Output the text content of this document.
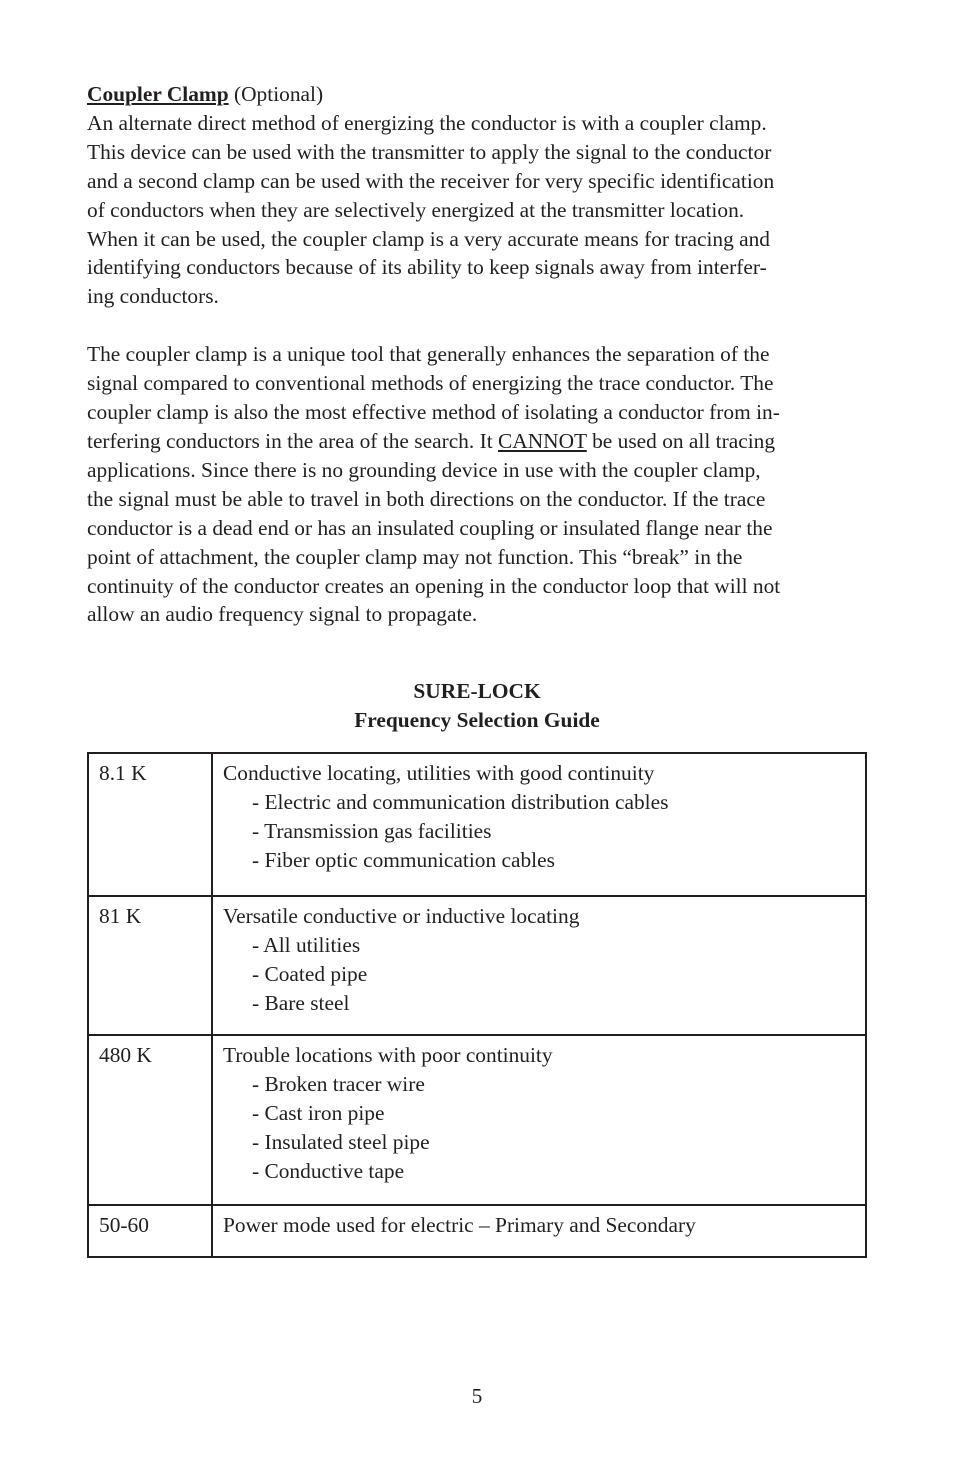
Coupler Clamp (Optional)
An alternate direct method of energizing the conductor is with a coupler clamp.
This device can be used with the transmitter to apply the signal to the conductor
and a second clamp can be used with the receiver for very specific identification
of conductors when they are selectively energized at the transmitter location.
When it can be used, the coupler clamp is a very accurate means for tracing and
identifying conductors because of its ability to keep signals away from interfer-
ing conductors.
The coupler clamp is a unique tool that generally enhances the separation of the
signal compared to conventional methods of energizing the trace conductor. The
coupler clamp is also the most effective method of isolating a conductor from in-
terfering conductors in the area of the search. It CANNOT be used on all tracing
applications. Since there is no grounding device in use with the coupler clamp,
the signal must be able to travel in both directions on the conductor. If the trace
conductor is a dead end or has an insulated coupling or insulated flange near the
point of attachment, the coupler clamp may not function. This “break” in the
continuity of the conductor creates an opening in the conductor loop that will not
allow an audio frequency signal to propagate.
SURE-LOCK
Frequency Selection Guide
8.1 K	Conductive locating, utilities with good continuity
- Electric and communication distribution cables
- Transmission gas facilities
- Fiber optic communication cables

81 K	Versatile conductive or inductive locating
- All utilities
- Coated pipe
- Bare steel

480 K	Trouble locations with poor continuity
- Broken tracer wire
- Cast iron pipe
- Insulated steel pipe
- Conductive tape

50-60	Power mode used for electric – Primary and Secondary
5
